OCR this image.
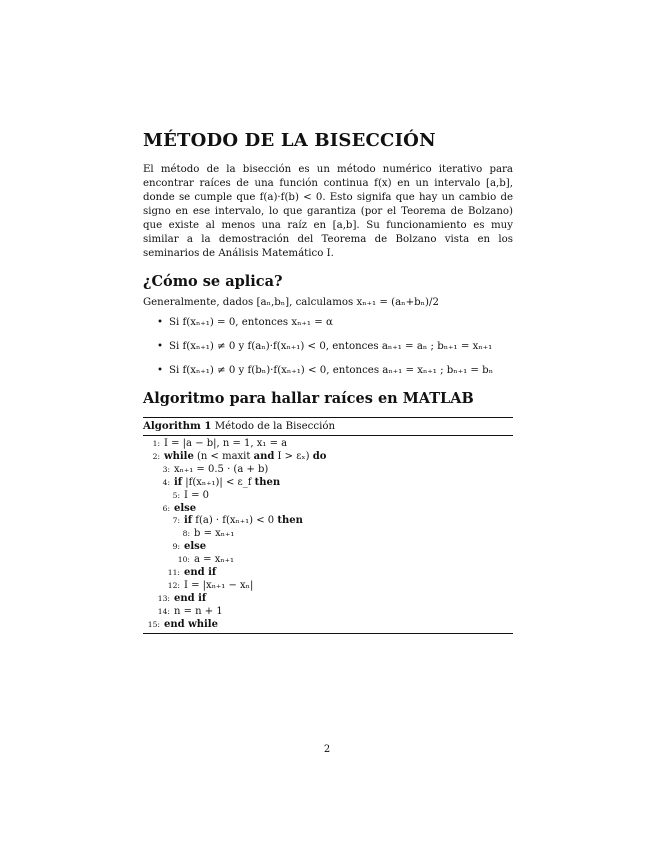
MÉTODO DE LA BISECCIÓN

El método de la bisección es un método numérico iterativo para encontrar raíces de una función continua f(x) en un intervalo [a,b], donde se cumple que f(a)·f(b) < 0. Esto signifa que hay un cambio de signo en ese intervalo, lo que garantiza (por el Teorema de Bolzano) que existe al menos una raíz en [a,b]. Su funcionamiento es muy similar a la demostración del Teorema de Bolzano vista en los seminarios de Análisis Matemático I.

¿Cómo se aplica?

Generalmente, dados [aₙ,bₙ], calculamos xₙ₊₁ = (aₙ+bₙ)/2

• Si f(xₙ₊₁) = 0, entonces xₙ₊₁ = α
• Si f(xₙ₊₁) ≠ 0 y f(aₙ)·f(xₙ₊₁) < 0, entonces aₙ₊₁ = aₙ ; bₙ₊₁ = xₙ₊₁
• Si f(xₙ₊₁) ≠ 0 y f(bₙ)·f(xₙ₊₁) < 0, entonces aₙ₊₁ = xₙ₊₁ ; bₙ₊₁ = bₙ
Algoritmo para hallar raíces en MATLAB
Algorithm 1 Método de la Bisección
1: I = |a − b|, n = 1, x₁ = a
2: while (n < maxit and I > εₓ) do
3: xₙ₊₁ = 0.5 · (a + b)
4: if |f(xₙ₊₁)| < ε_f then
5: I = 0
6: else
7: if f(a) · f(xₙ₊₁) < 0 then
8: b = xₙ₊₁
9: else
10: a = xₙ₊₁
11: end if
12: I = |xₙ₊₁ − xₙ|
13: end if
14: n = n + 1
15: end while
2
